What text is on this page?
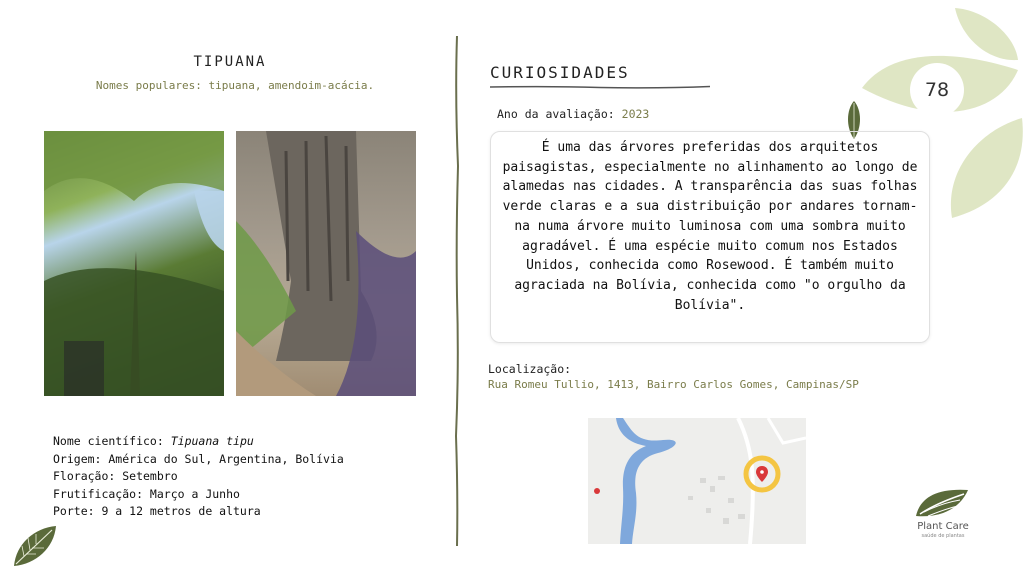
78
TIPUANA
Nomes populares: tipuana, amendoim-acácia.
Nome científico: Tipuana tipu
Origem: América do Sul, Argentina, Bolívia
Floração: Setembro
Frutificação: Março a Junho
Porte: 9 a 12 metros de altura
CURIOSIDADES
Ano da avaliação: 2023
É uma das árvores preferidas dos arquitetos paisagistas, especialmente no alinhamento ao longo de alamedas nas cidades. A transparência das suas folhas verde claras e a sua distribuição por andares tornam-na numa árvore muito luminosa com uma sombra muito agradável. É uma espécie muito comum nos Estados Unidos, conhecida como Rosewood. É também muito agraciada na Bolívia, conhecida como "o orgulho da Bolívia".
Localização:
Rua Romeu Tullio, 1413, Bairro Carlos Gomes, Campinas/SP
Plant Care
saúde de plantas
